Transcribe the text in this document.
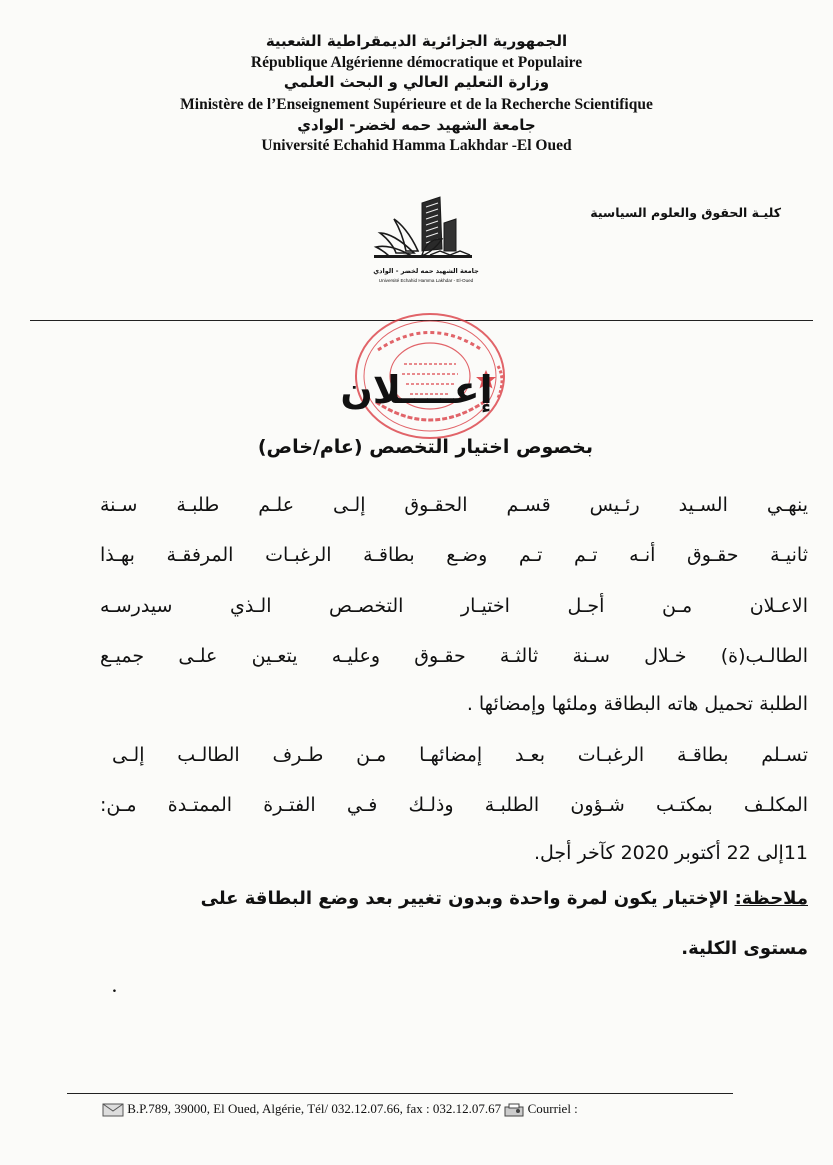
الجمهورية الجزائرية الديمقراطية الشعبية
République Algérienne démocratique et Populaire
وزارة التعليم العالي و البحث العلمي
Ministère de l’Enseignement Supérieure et de la Recherche Scientifique
جامعة الشهيد حمه لخضر- الوادي
Université Echahid Hamma Lakhdar -El Oued
كليـة الحقوق والعلوم السياسية
جامعة الشهيد حمه لخضر - الوادي
Université Echahid Hamma Lakhdar - El-Oued
إعــــلان
بخصوص اختيار التخصص (عام/خاص)
ينهـي السـيد رئـيس قسـم الحقـوق إلـى علـم طلبـة سـنة
ثانيـة حقـوق أنـه تـم تـم وضـع بطاقـة الرغبـات المرفقـة بهـذا
الاعـلان مـن أجـل اختيـار التخصـص الـذي سيدرسـه
الطالـب(ة) خـلال سـنة ثالثـة حقـوق وعليـه يتعـين علـى جميـع
الطلبة تحميل هاته البطاقة وملئها وإمضائها .
تسـلم بطاقـة الرغبـات بعـد إمضائهـا مـن طـرف الطالـب إلـى
المكلـف بمكتـب شـؤون الطلبـة وذلـك فـي الفتـرة الممتـدة مـن:
11إلى 22 أكتوبر 2020 كآخر أجل.
ملاحظة: الإختيار يكون لمرة واحدة وبدون تغيير بعد وضع البطاقة على
مستوى الكلية.
.
B.P.789, 39000, El Oued, Algérie, Tél/ 032.12.07.66, fax : 032.12.07.67  Courriel :
